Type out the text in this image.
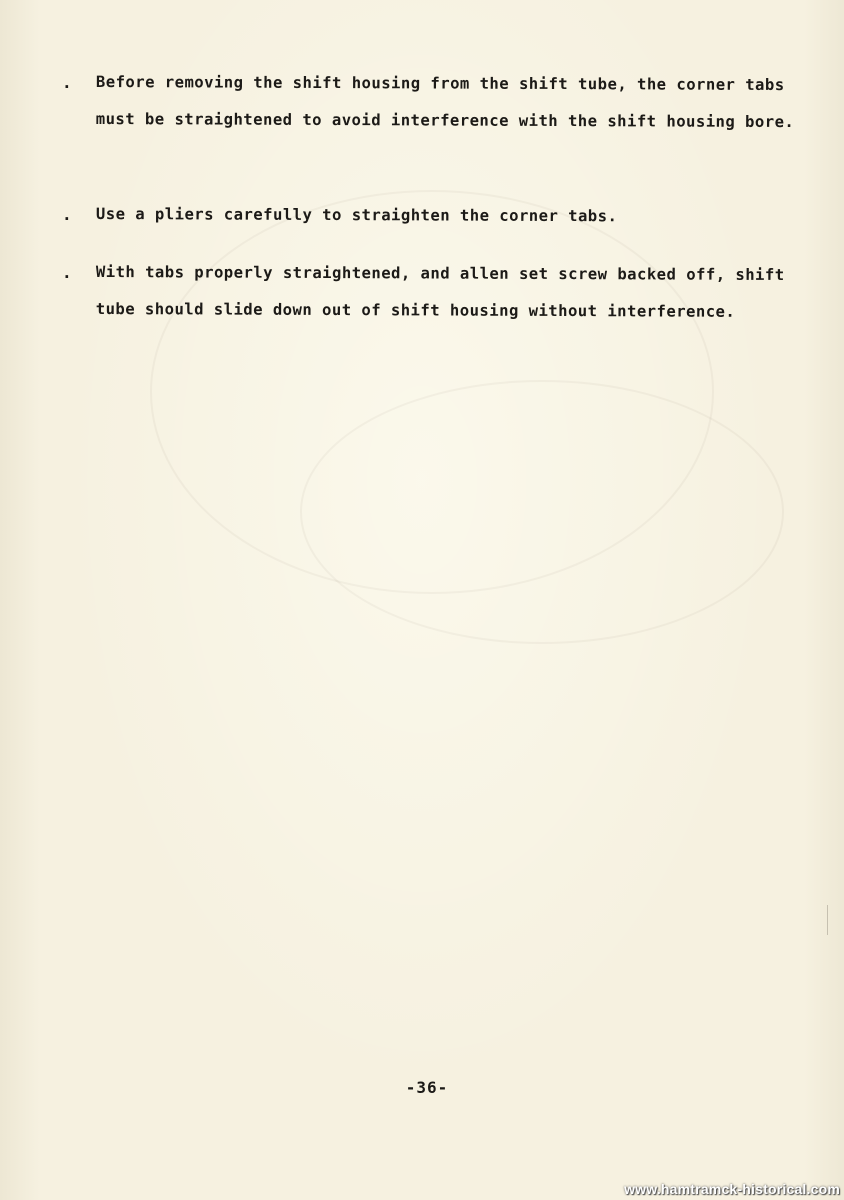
. Before removing the shift housing from the shift tube, the corner tabs must be straightened to avoid interference with the shift housing bore.
. Use a pliers carefully to straighten the corner tabs.
. With tabs properly straightened, and allen set screw backed off, shift tube should slide down out of shift housing without interference.
-36-
www.hamtramck-historical.com
